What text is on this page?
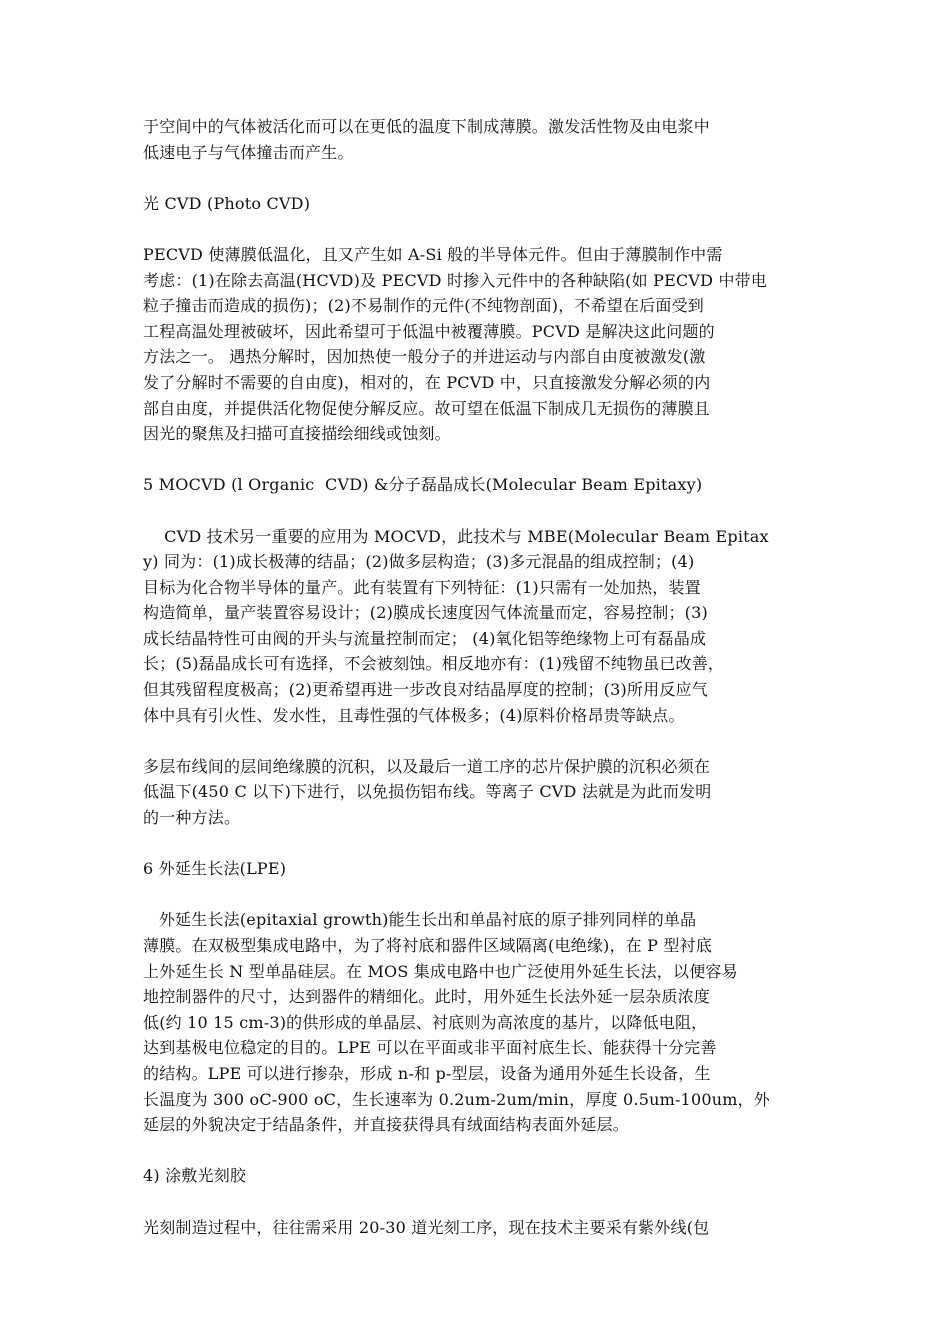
于空间中的气体被活化而可以在更低的温度下制成薄膜。激发活性物及由电浆中
低速电子与气体撞击而产生。
光 CVD (Photo CVD)
PECVD 使薄膜低温化，且又产生如 A-Si 般的半导体元件。但由于薄膜制作中需
考虑：(1)在除去高温(HCVD)及 PECVD 时掺入元件中的各种缺陷(如 PECVD 中带电
粒子撞击而造成的损伤)；(2)不易制作的元件(不纯物剖面)，不希望在后面受到
工程高温处理被破坏，因此希望可于低温中被覆薄膜。PCVD 是解决这此问题的
方法之一。 遇热分解时，因加热使一般分子的并进运动与内部自由度被激发(激
发了分解时不需要的自由度)，相对的，在 PCVD 中，只直接激发分解必须的内
部自由度，并提供活化物促使分解反应。故可望在低温下制成几无损伤的薄膜且
因光的聚焦及扫描可直接描绘细线或蚀刻。
5 MOCVD (l Organic  CVD) &分子磊晶成长(Molecular Beam Epitaxy)
CVD 技术另一重要的应用为 MOCVD，此技术与 MBE(Molecular Beam Epitax
y) 同为：(1)成长极薄的结晶；(2)做多层构造；(3)多元混晶的组成控制；(4)
目标为化合物半导体的量产。此有装置有下列特征：(1)只需有一处加热，装置
构造简单，量产装置容易设计；(2)膜成长速度因气体流量而定，容易控制；(3)
成长结晶特性可由阀的开头与流量控制而定； (4)氧化铝等绝缘物上可有磊晶成
长；(5)磊晶成长可有选择，不会被刻蚀。相反地亦有：(1)残留不纯物虽已改善，
但其残留程度极高；(2)更希望再进一步改良对结晶厚度的控制；(3)所用反应气
体中具有引火性、发水性，且毒性强的气体极多；(4)原料价格昂贵等缺点。
多层布线间的层间绝缘膜的沉积，以及最后一道工序的芯片保护膜的沉积必须在
低温下(450 C 以下)下进行，以免损伤铝布线。等离子 CVD 法就是为此而发明
的一种方法。
6 外延生长法(LPE)
外延生长法(epitaxial growth)能生长出和单晶衬底的原子排列同样的单晶
薄膜。在双极型集成电路中，为了将衬底和器件区域隔离(电绝缘)，在 P 型衬底
上外延生长 N 型单晶硅层。在 MOS 集成电路中也广泛使用外延生长法，以便容易
地控制器件的尺寸，达到器件的精细化。此时，用外延生长法外延一层杂质浓度
低(约 10 15 cm-3)的供形成的单晶层、衬底则为高浓度的基片，以降低电阻，
达到基极电位稳定的目的。LPE 可以在平面或非平面衬底生长、能获得十分完善
的结构。LPE 可以进行掺杂，形成 n-和 p-型层，设备为通用外延生长设备，生
长温度为 300 oC-900 oC，生长速率为 0.2um-2um/min，厚度 0.5um-100um，外
延层的外貌决定于结晶条件，并直接获得具有绒面结构表面外延层。
4) 涂敷光刻胶
光刻制造过程中，往往需采用 20-30 道光刻工序，现在技术主要采有紫外线(包
